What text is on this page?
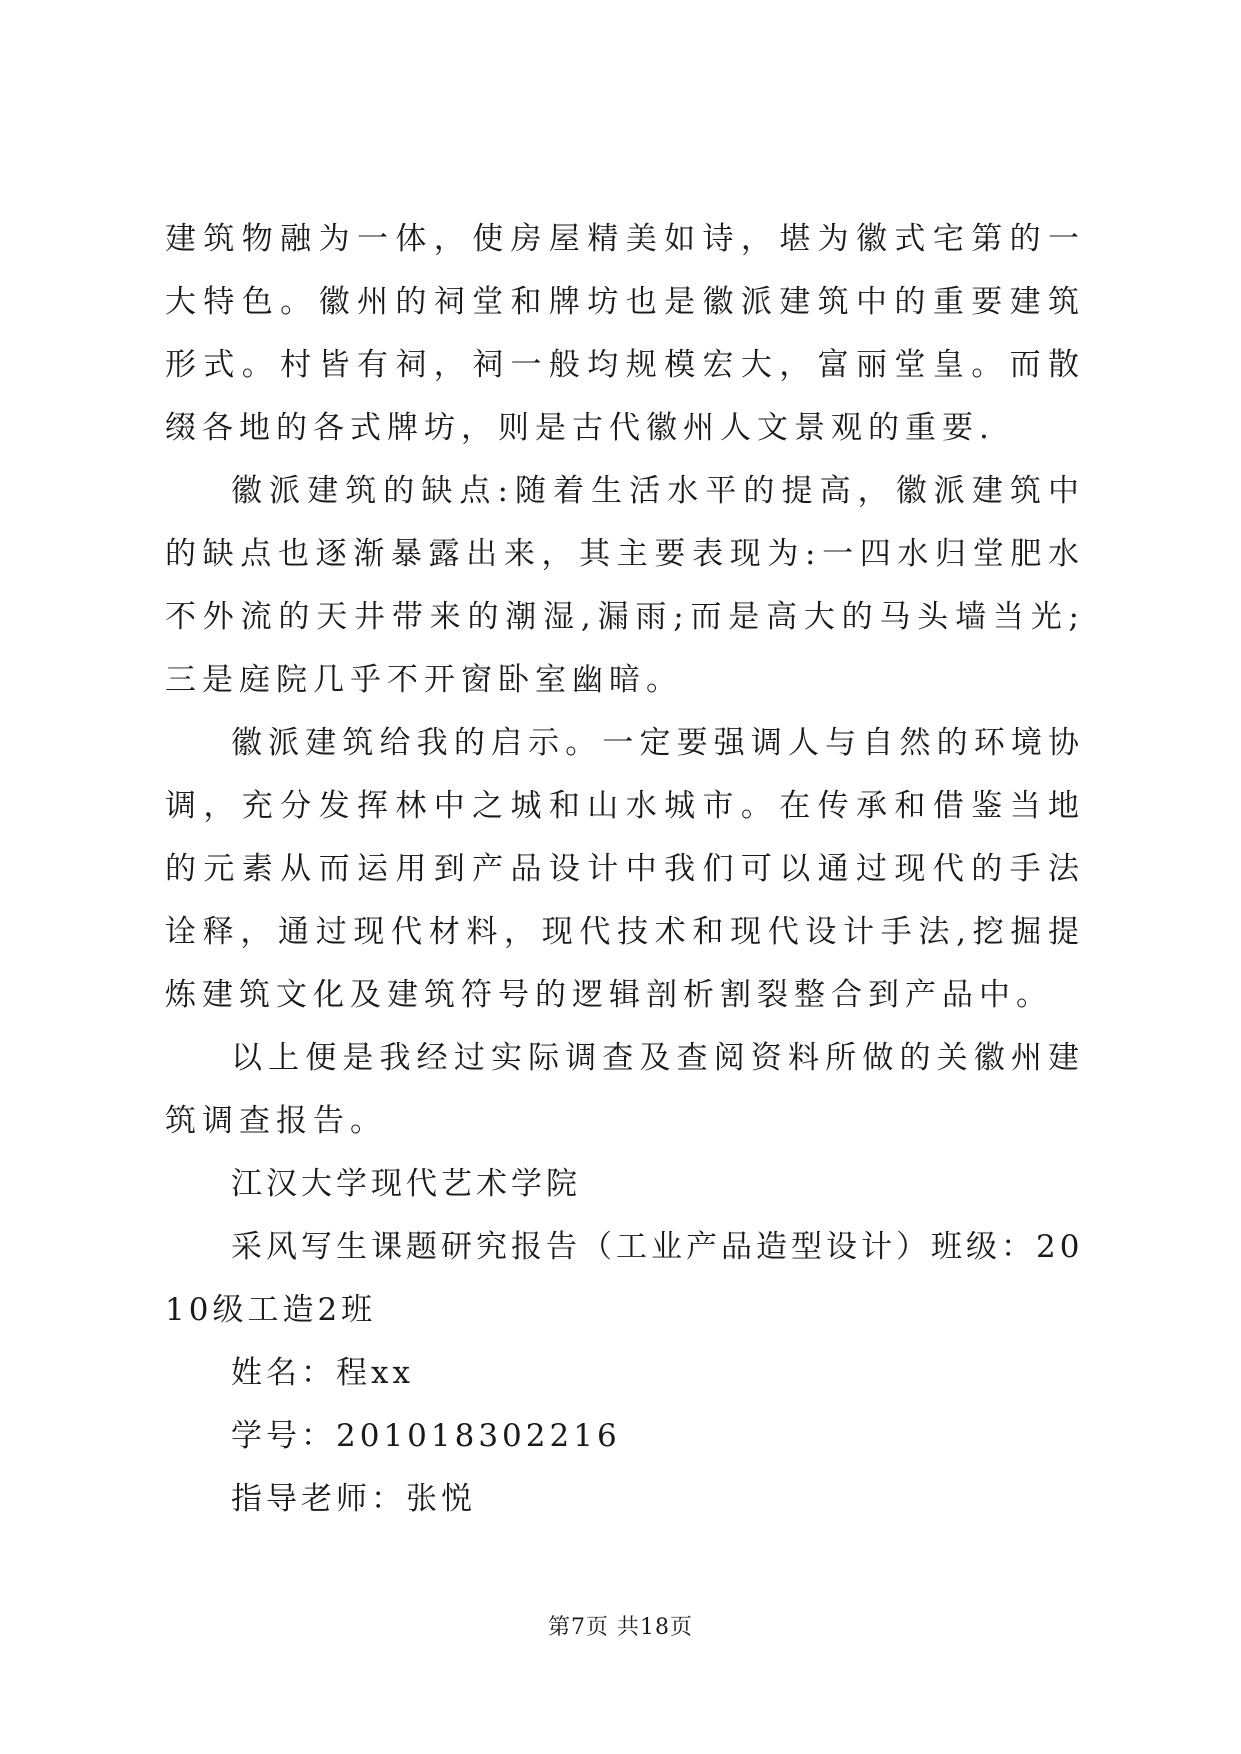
建筑物融为一体，使房屋精美如诗，堪为徽式宅第的一大特色。徽州的祠堂和牌坊也是徽派建筑中的重要建筑形式。村皆有祠，祠一般均规模宏大，富丽堂皇。而散缀各地的各式牌坊，则是古代徽州人文景观的重要.

徽派建筑的缺点:随着生活水平的提高，徽派建筑中的缺点也逐渐暴露出来，其主要表现为:一四水归堂肥水不外流的天井带来的潮湿,漏雨;而是高大的马头墙当光;三是庭院几乎不开窗卧室幽暗。

徽派建筑给我的启示。一定要强调人与自然的环境协调，充分发挥林中之城和山水城市。在传承和借鉴当地的元素从而运用到产品设计中我们可以通过现代的手法诠释，通过现代材料，现代技术和现代设计手法,挖掘提炼建筑文化及建筑符号的逻辑剖析割裂整合到产品中。

以上便是我经过实际调查及查阅资料所做的关徽州建筑调查报告。

江汉大学现代艺术学院

采风写生课题研究报告（工业产品造型设计）班级：2010级工造2班

姓名：程xx

学号：201018302216

指导老师：张悦

第7页 共18页
